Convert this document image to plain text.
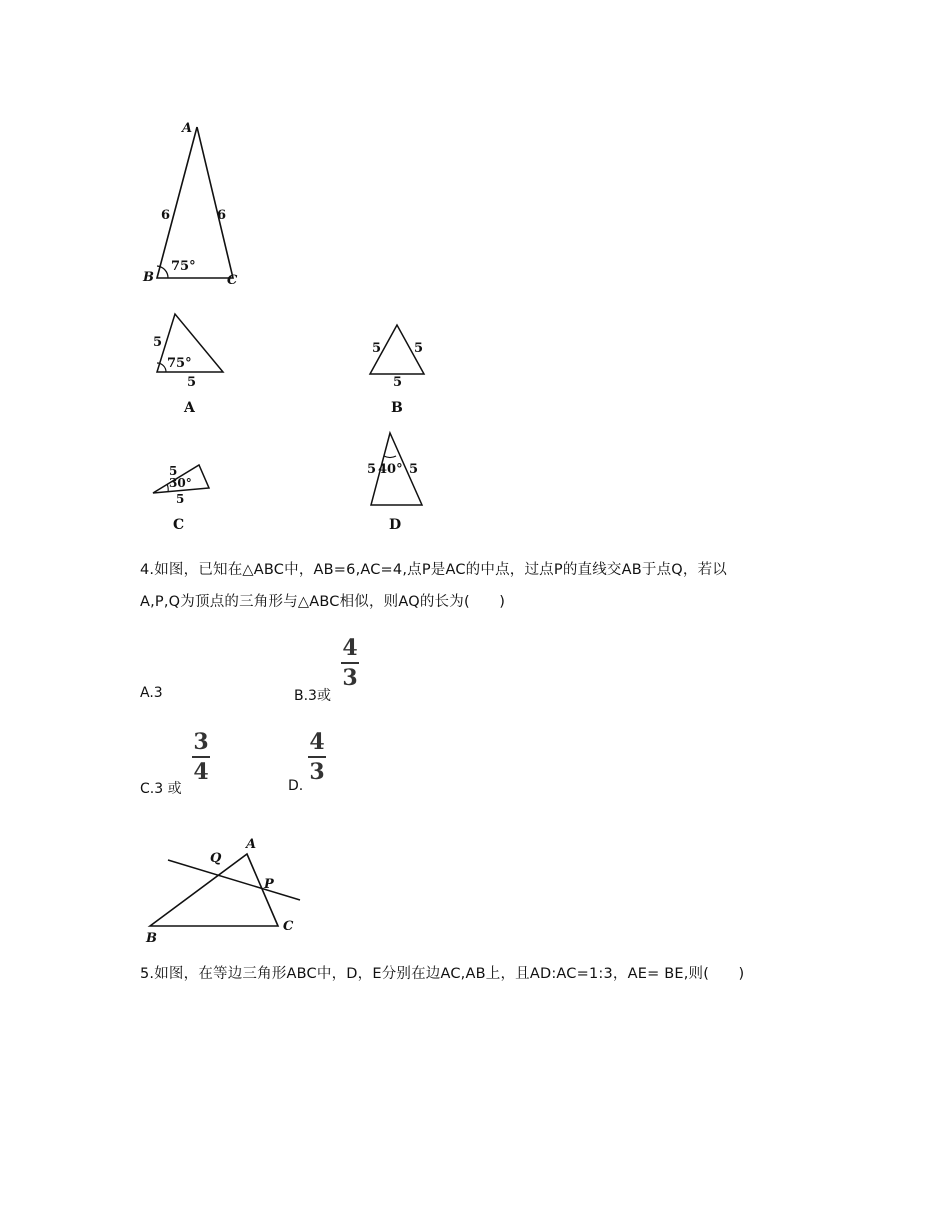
A
B	C
6	6
75°
5
5
75°
A
5	5
5
B
5
5
30°
C
5	5
40°
D
4.如图，已知在△ABC中，AB=6,AC=4,点P是AC的中点，过点P的直线交AB于点Q，若以
A,P,Q为顶点的三角形与△ABC相似，则AQ的长为(　　)
A.3	B.3或
4
3
C.3 或
3
4
D.
4
3
A
B
C
P
Q
5.如图，在等边三角形ABC中，D，E分别在边AC,AB上，且AD:AC=1:3，AE= BE,则(　　)
